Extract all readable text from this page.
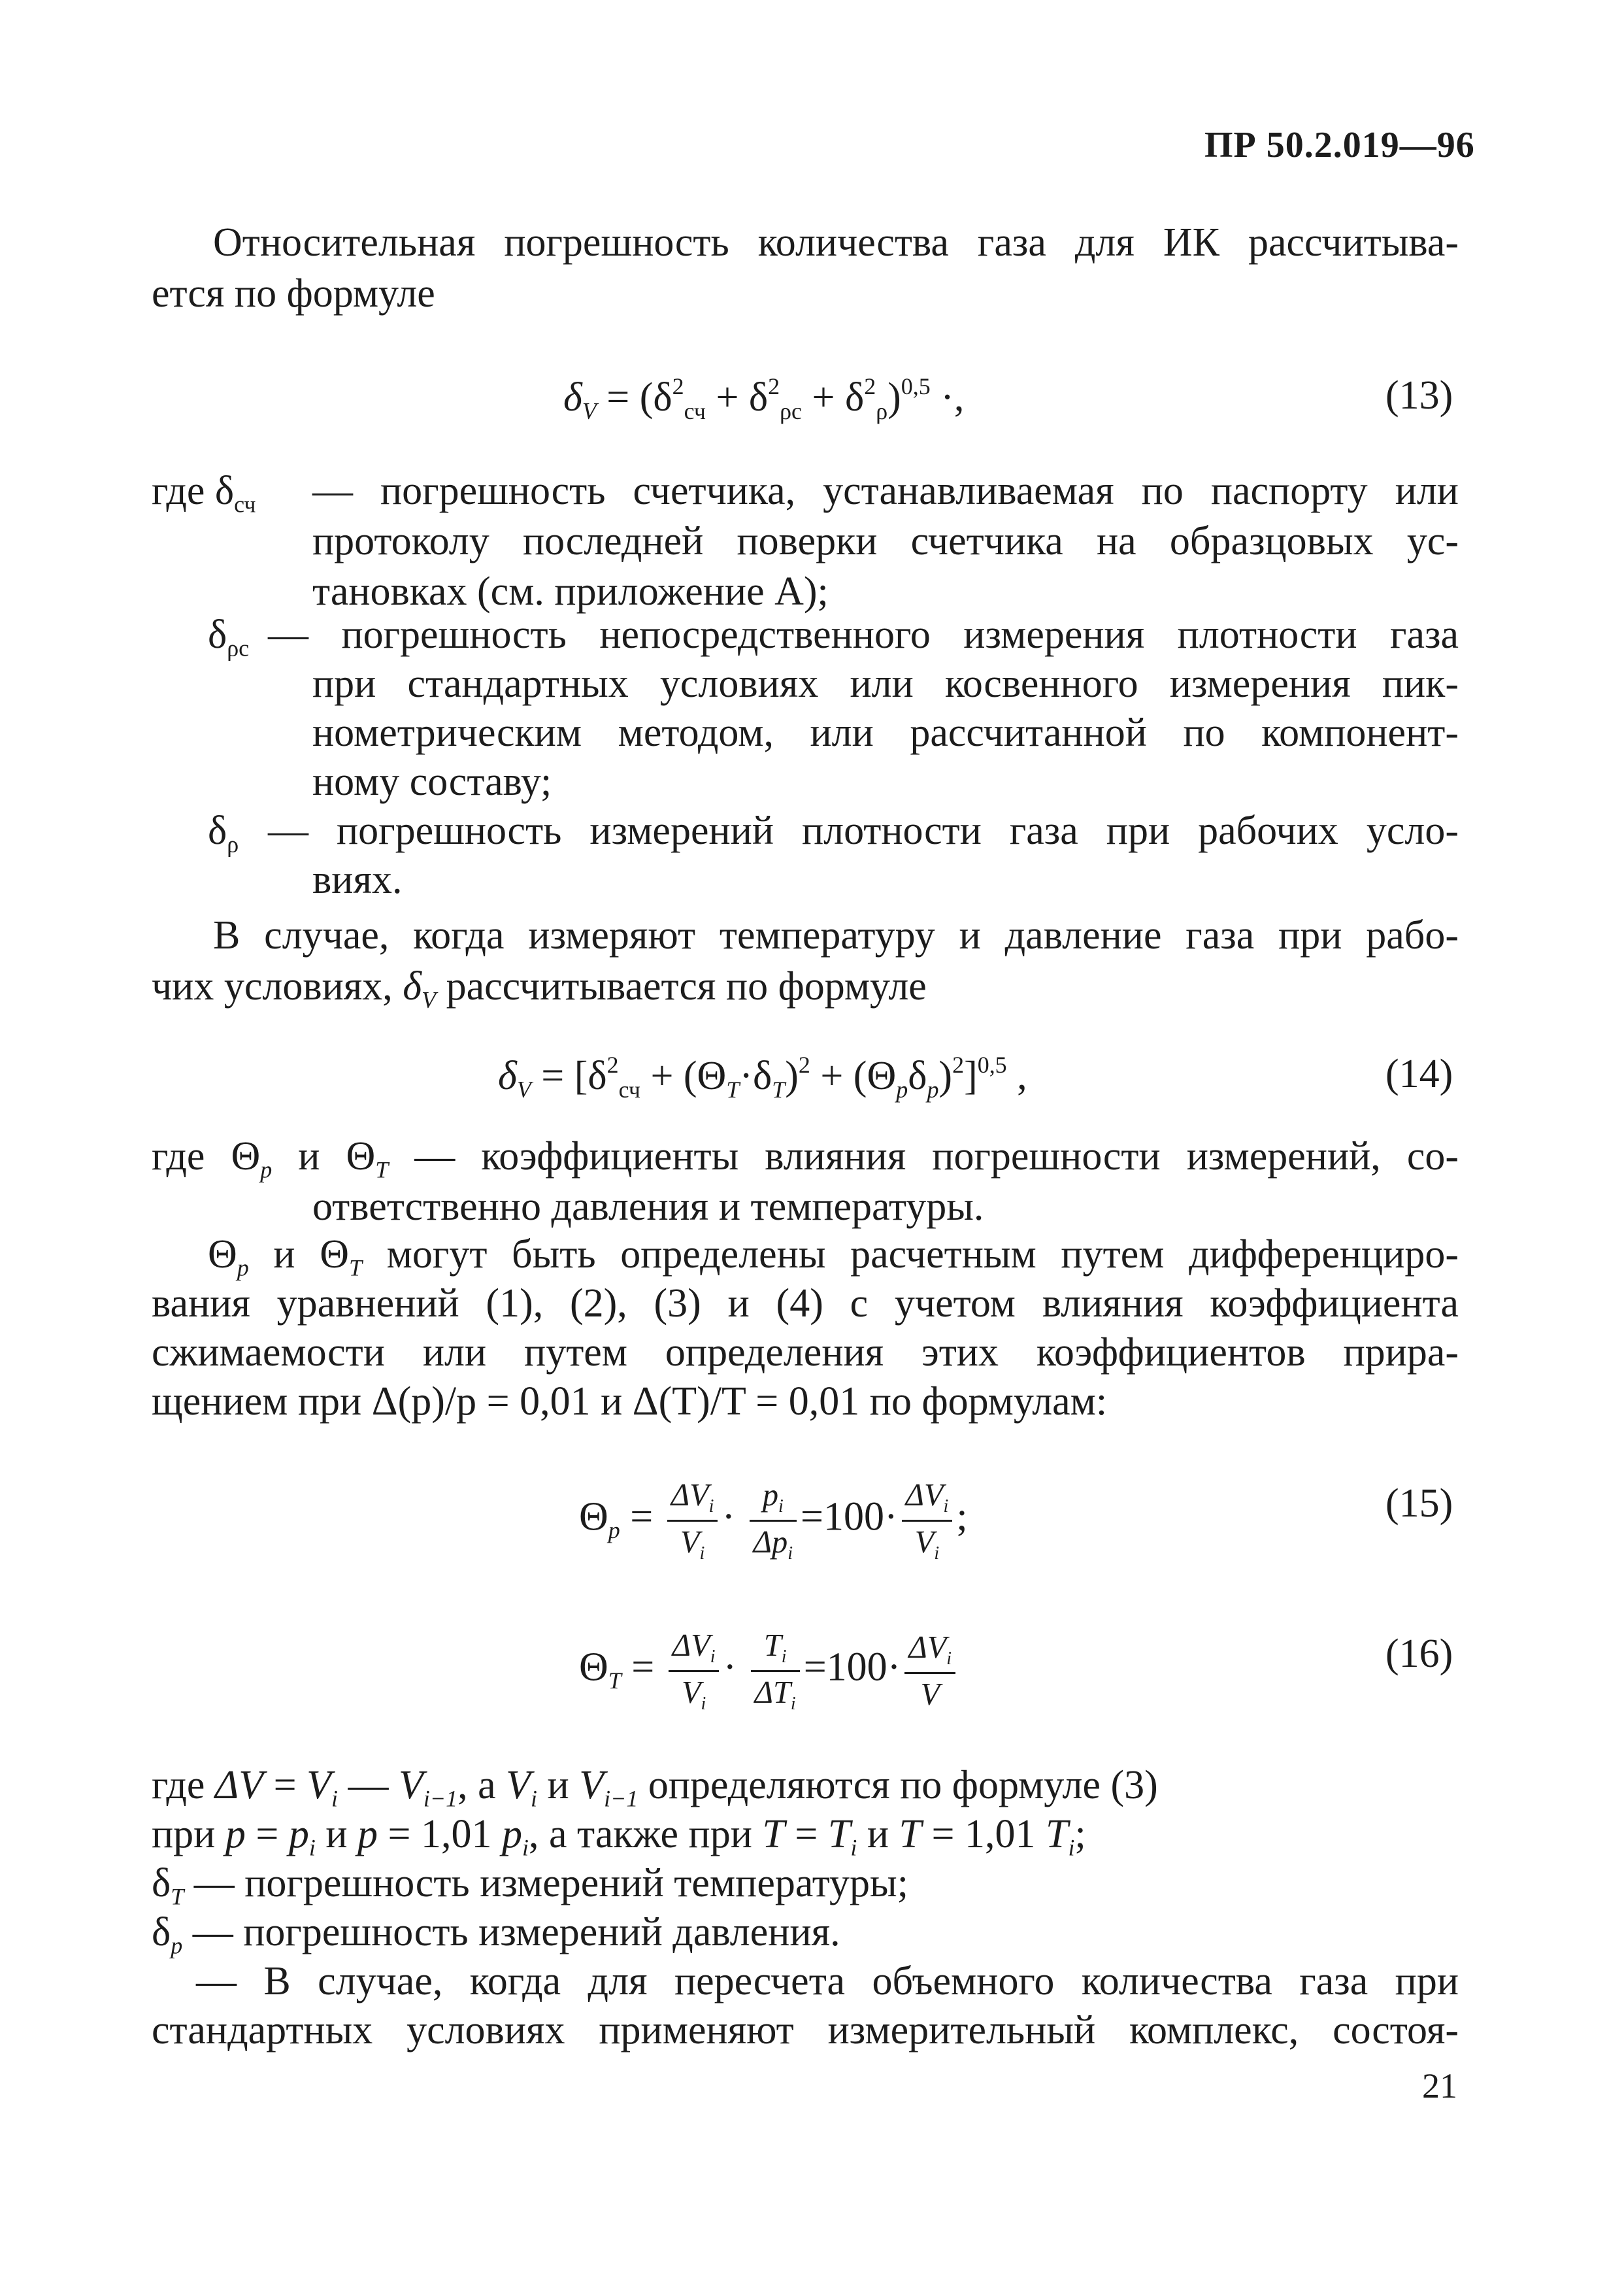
ПР 50.2.019—96
Относительная погрешность количества газа для ИК рассчитыва-
ется по формуле
$\delta_V = (\delta^2_{сч} + \delta^2_{\rho с} + \delta^2_\rho)^{0,5}$ ·,	(13)
где $\delta_{сч}$ — погрешность счетчика, устанавливаемая по паспорту или
протоколу последней поверки счетчика на образцовых ус-
тановках (см. приложение А);
$\delta_{\rho с}$ — погрешность непосредственного измерения плотности газа
при стандартных условиях или косвенного измерения пик-
нометрическим методом, или рассчитанной по компонент-
ному составу;
$\delta_\rho$ — погрешность измерений плотности газа при рабочих усло-
виях.
В случае, когда измеряют температуру и давление газа при рабо-
чих условиях, $\delta_V$ рассчитывается по формуле
$\delta_V = [\delta^2_{сч} + (\Theta_T\cdot\delta_T)^2 + (\Theta_p\delta_p)^2]^{0,5}$ ,	(14)
где $\Theta_p$ и $\Theta_T$ — коэффициенты влияния погрешности измерений, со-
ответственно давления и температуры.
$\Theta_p$ и $\Theta_T$ могут быть определены расчетным путем дифференциро-
вания уравнений (1), (2), (3) и (4) с учетом влияния коэффициента
сжимаемости или путем определения этих коэффициентов прира-
щением при Δ(p)/p = 0,01 и Δ(T)/T = 0,01 по формулам:
$\Theta_p = \frac{\Delta V_i}{V_i} \cdot \frac{p_i}{\Delta p_i} =100\cdot \frac{\Delta V_i}{V_i}$ ;	(15)
$\Theta_T = \frac{\Delta V_i}{V_i} \cdot \frac{T_i}{\Delta T_i} =100\cdot \frac{\Delta V_i}{V}$	(16)
где $\Delta V = V_i$ — $V_{i-1}$, а $V_i$ и $V_{i-1}$ определяются по формуле (3)
при $p = p_i$ и p = 1,01 $p_i$, а также при $T = T_i$ и T = 1,01 $T_i$;
$\delta_T$ — погрешность измерений температуры;
$\delta_p$ — погрешность измерений давления.
— В случае, когда для пересчета объемного количества газа при
стандартных условиях применяют измерительный комплекс, состоя-
21
